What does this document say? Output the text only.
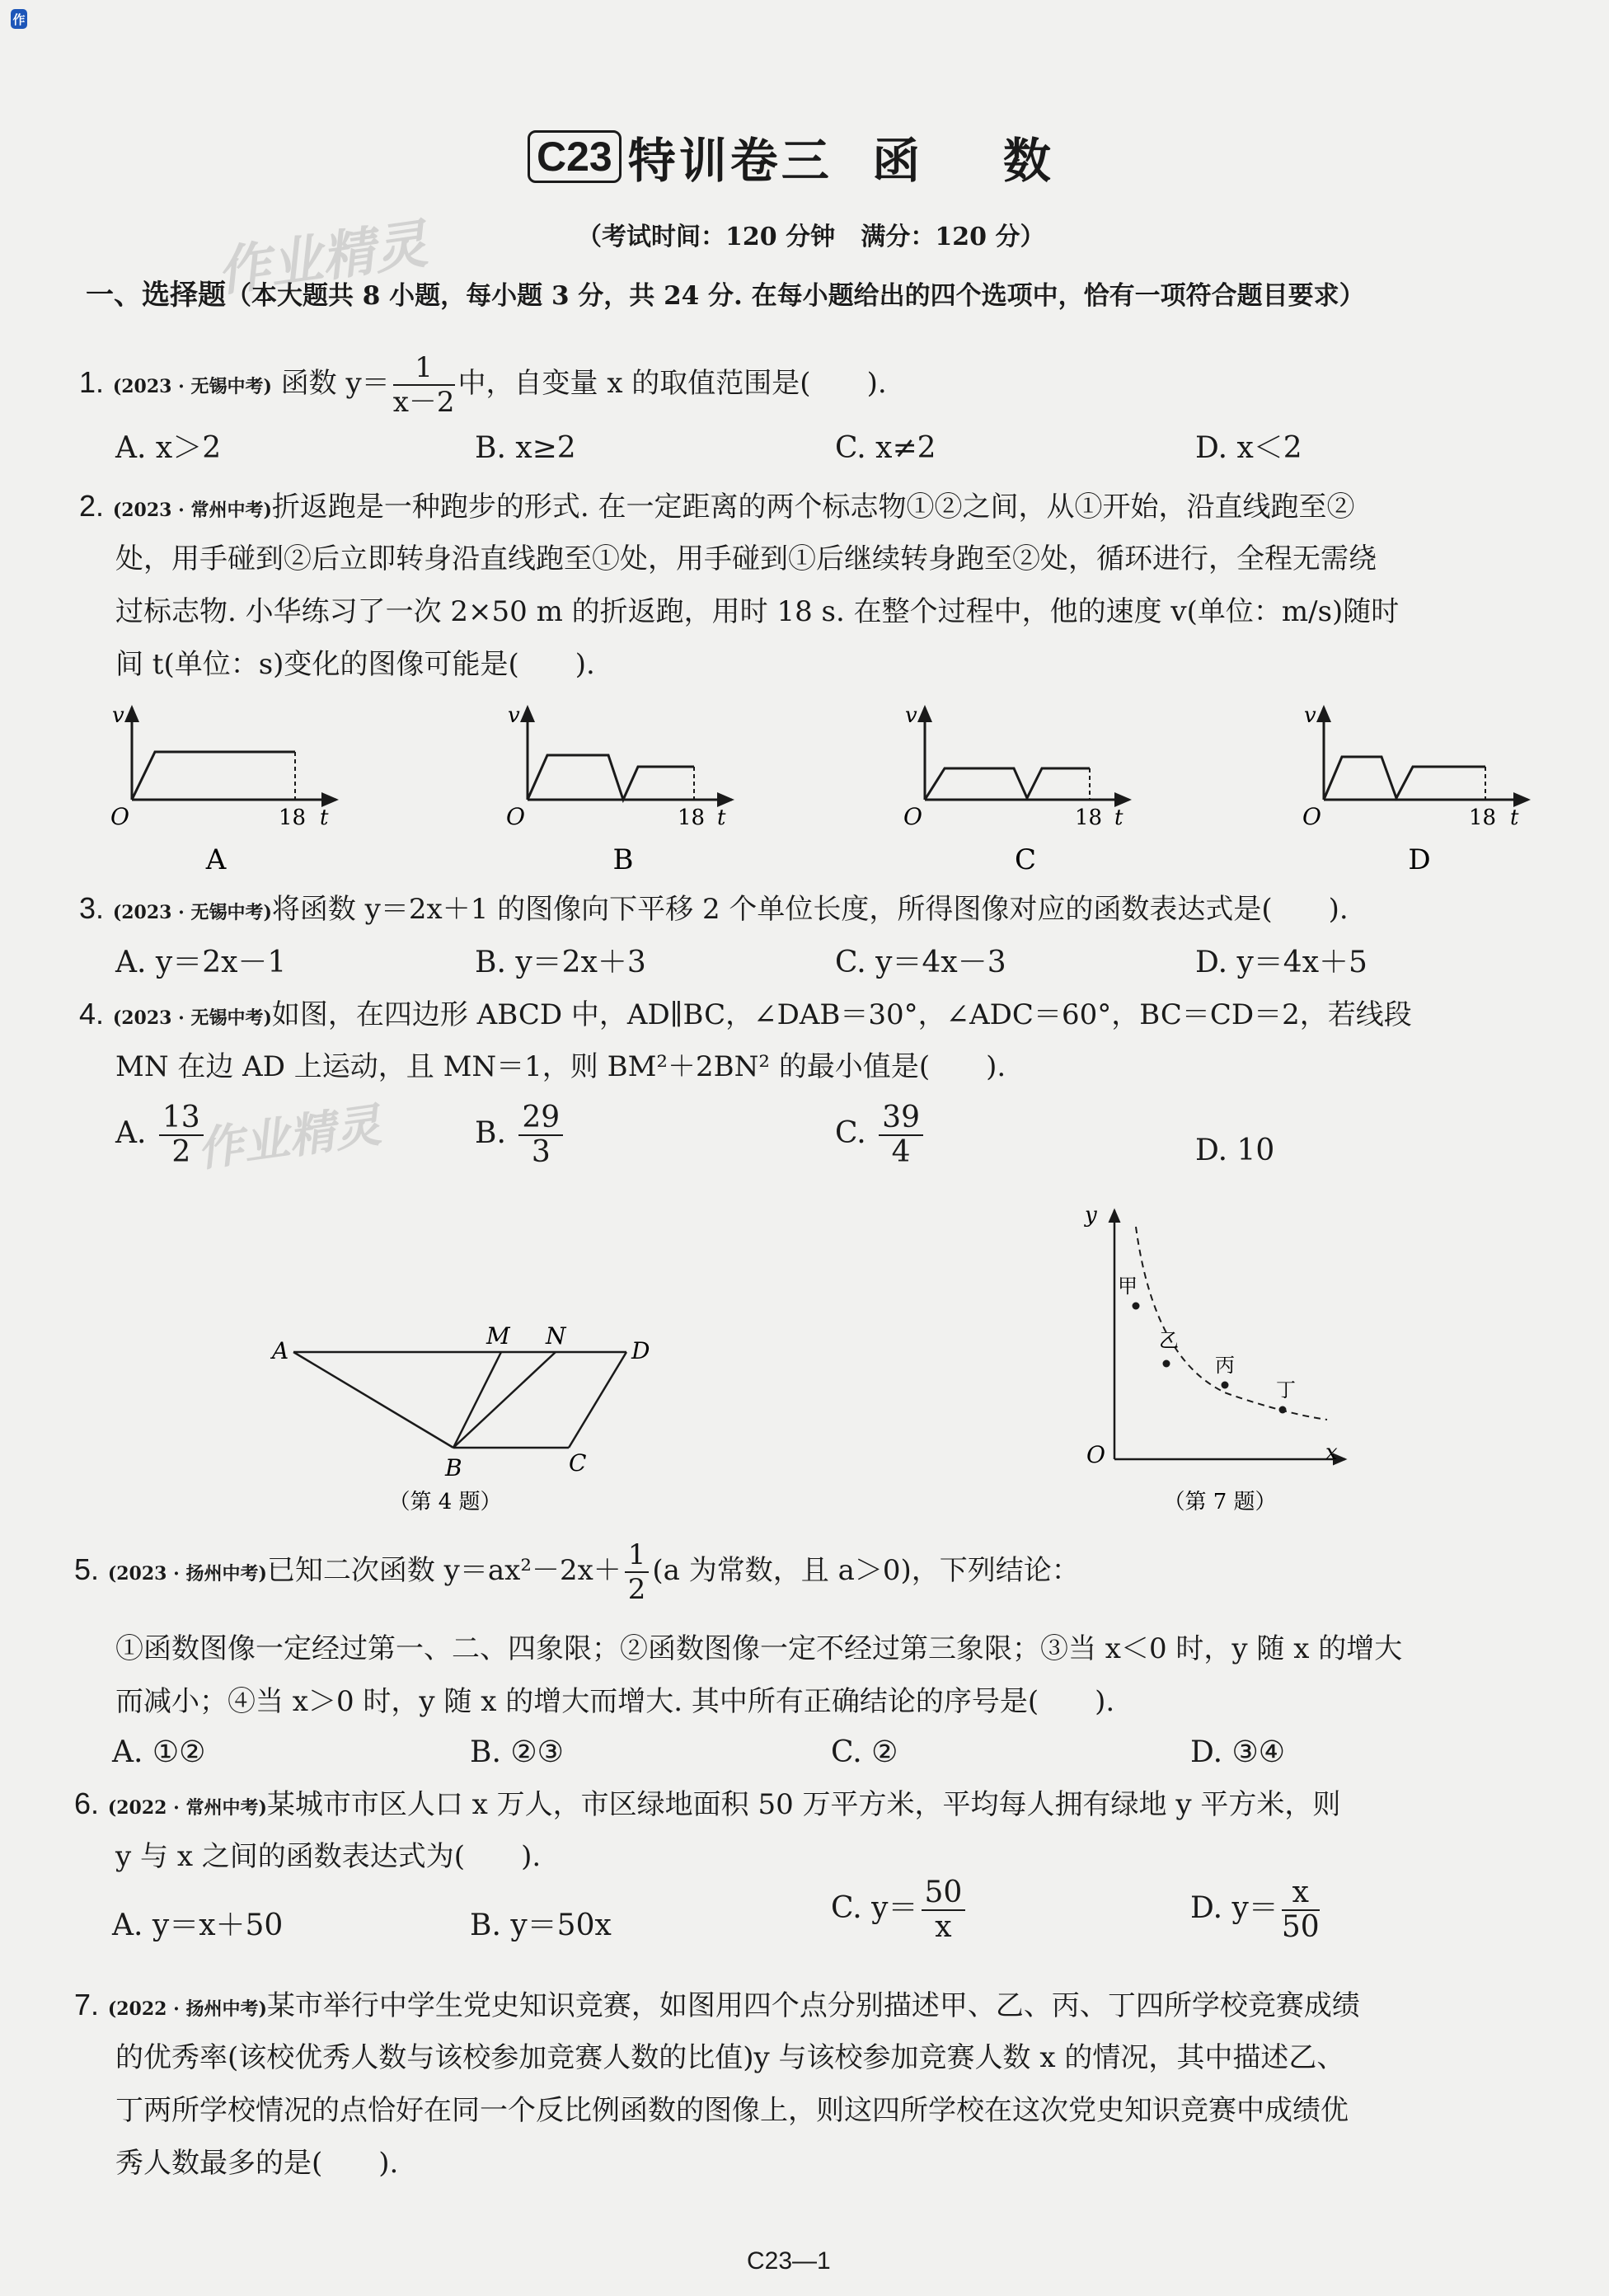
作
作业精灵
作业精灵
C23 特训卷三  函    数
（考试时间：120 分钟   满分：120 分）
一、选择题（本大题共 8 小题，每小题 3 分，共 24 分. 在每小题给出的四个选项中，恰有一项符合题目要求）
1. (2023 · 无锡中考) 函数 $y= \frac{1}{x-2}$ 中，自变量 x 的取值范围是(　　).
A. x＞2	B. x≥2	C. x≠2	D. x＜2
2. (2023 · 常州中考)折返跑是一种跑步的形式. 在一定距离的两个标志物①②之间，从①开始，沿直线跑至②
处，用手碰到②后立即转身沿直线跑至①处，用手碰到①后继续转身跑至②处，循环进行，全程无需绕
过标志物. 小华练习了一次 2×50 m 的折返跑，用时 18 s. 在整个过程中，他的速度 v(单位：m/s)随时
间 t(单位：s)变化的图像可能是(　　).
v
O	18 t
A
v
O	18 t
B
v
O	18 t
C
v
O	18 t
D
3. (2023 · 无锡中考)将函数 y＝2x＋1 的图像向下平移 2 个单位长度，所得图像对应的函数表达式是(　　).
A. y＝2x－1	B. y＝2x＋3	C. y＝4x－3	D. y＝4x＋5
4. (2023 · 无锡中考)如图，在四边形 ABCD 中，AD∥BC，∠DAB＝30°，∠ADC＝60°，BC＝CD＝2，若线段
MN 在边 AD 上运动，且 MN＝1，则 BM²＋2BN² 的最小值是(　　).
A. $\frac{13}{2}$	B. $\frac{29}{3}$	C. $\frac{39}{4}$	D. 10
A
M N
D
B	C
（第 4 题）
y
x
O
甲
乙
丙
丁
（第 7 题）
5. (2023 · 扬州中考)已知二次函数 $y=ax^2-2x+ \frac{1}{2} (a$ 为常数，且 a＞0)，下列结论：
①函数图像一定经过第一、二、四象限；②函数图像一定不经过第三象限；③当 x＜0 时，y 随 x 的增大
而减小；④当 x＞0 时，y 随 x 的增大而增大. 其中所有正确结论的序号是(　　).
A. ①②	B. ②③	C. ②	D. ③④
6. (2022 · 常州中考)某城市市区人口 x 万人，市区绿地面积 50 万平方米，平均每人拥有绿地 y 平方米，则
y 与 x 之间的函数表达式为(　　).
A. y＝x＋50	B. y＝50x
C. $y= \frac{50}{x}$	D. $y= \frac{x}{50}$
7. (2022 · 扬州中考)某市举行中学生党史知识竞赛，如图用四个点分别描述甲、乙、丙、丁四所学校竞赛成绩
的优秀率(该校优秀人数与该校参加竞赛人数的比值)y 与该校参加竞赛人数 x 的情况，其中描述乙、
丁两所学校情况的点恰好在同一个反比例函数的图像上，则这四所学校在这次党史知识竞赛中成绩优
秀人数最多的是(　　).
C23—1
